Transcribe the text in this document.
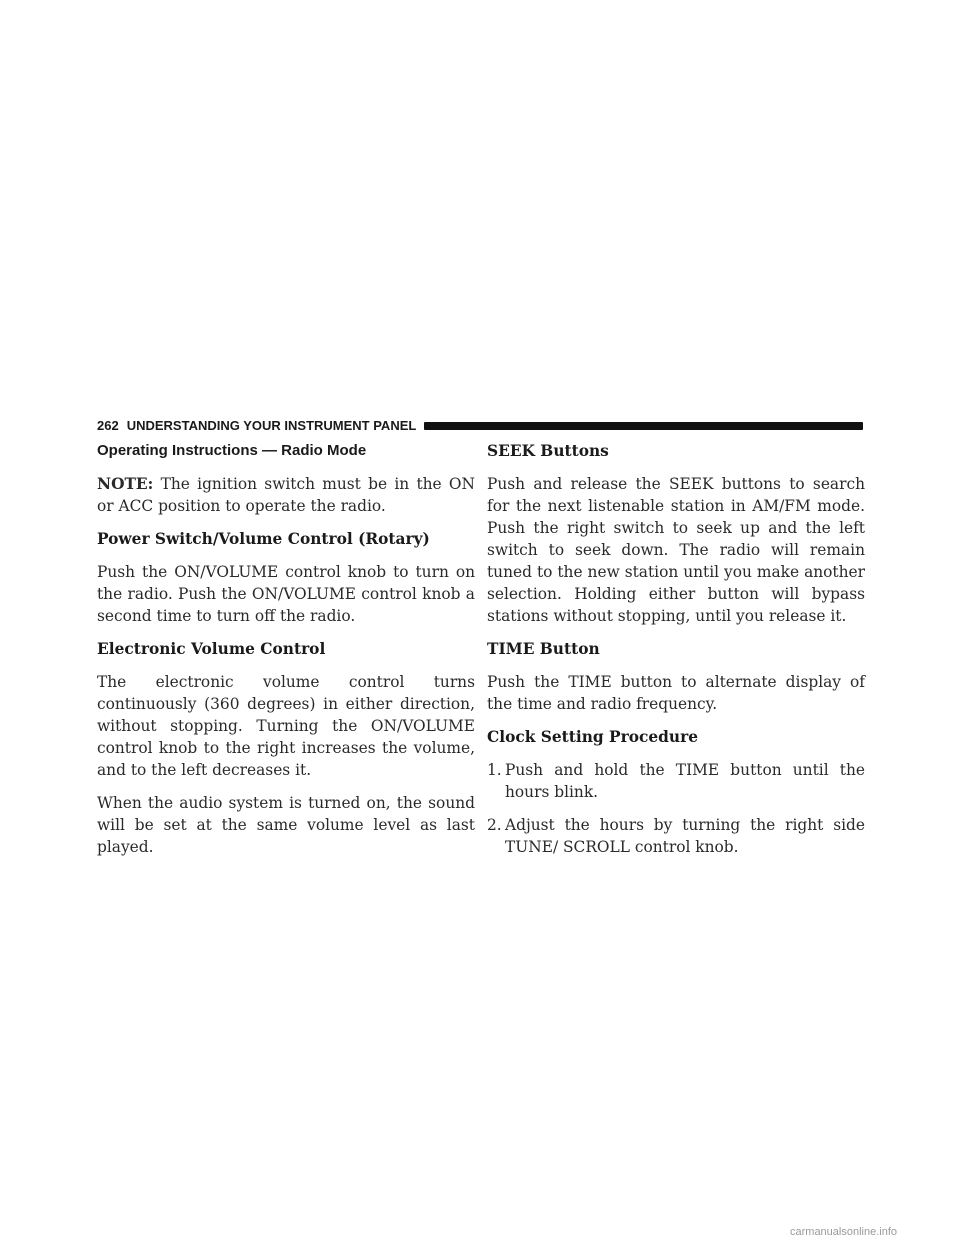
262 UNDERSTANDING YOUR INSTRUMENT PANEL
Operating Instructions — Radio Mode

NOTE: The ignition switch must be in the ON or ACC position to operate the radio.

Power Switch/Volume Control (Rotary)

Push the ON/VOLUME control knob to turn on the radio. Push the ON/VOLUME control knob a second time to turn off the radio.

Electronic Volume Control

The electronic volume control turns continuously (360 degrees) in either direction, without stopping. Turning the ON/VOLUME control knob to the right increases the volume, and to the left decreases it.

When the audio system is turned on, the sound will be set at the same volume level as last played.

SEEK Buttons

Push and release the SEEK buttons to search for the next listenable station in AM/FM mode. Push the right switch to seek up and the left switch to seek down. The radio will remain tuned to the new station until you make another selection. Holding either button will bypass stations without stopping, until you release it.

TIME Button

Push the TIME button to alternate display of the time and radio frequency.

Clock Setting Procedure
1. Push and hold the TIME button until the hours blink.
2. Adjust the hours by turning the right side TUNE/ SCROLL control knob.
carmanualsonline.info
